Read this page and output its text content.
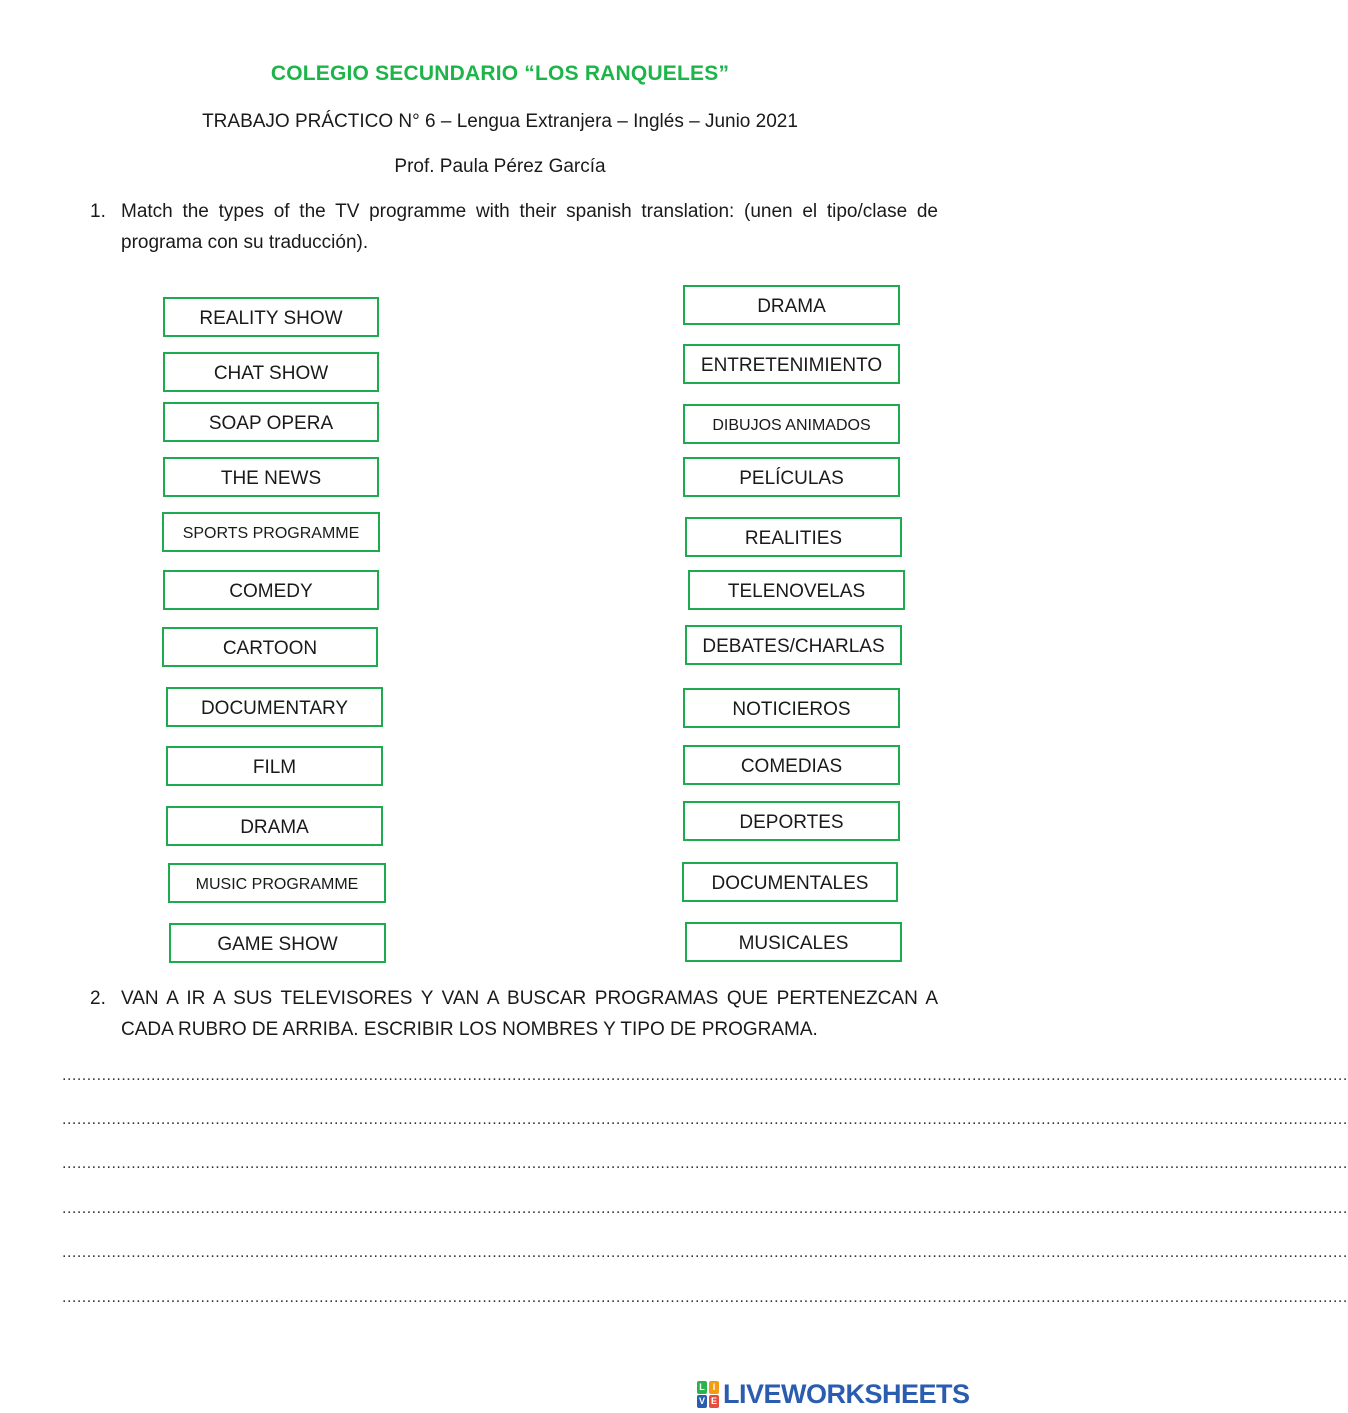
COLEGIO SECUNDARIO “LOS RANQUELES”
TRABAJO PRÁCTICO N° 6 – Lengua Extranjera – Inglés – Junio 2021
Prof. Paula Pérez García
1. Match the types of the TV programme with their spanish translation: (unen el tipo/clase de programa con su traducción).
REALITY SHOW
CHAT SHOW
SOAP OPERA
THE NEWS
SPORTS PROGRAMME
COMEDY
CARTOON
DOCUMENTARY
FILM
DRAMA
MUSIC PROGRAMME
GAME SHOW
DRAMA
ENTRETENIMIENTO
DIBUJOS ANIMADOS
PELÍCULAS
REALITIES
TELENOVELAS
DEBATES/CHARLAS
NOTICIEROS
COMEDIAS
DEPORTES
DOCUMENTALES
MUSICALES
2. VAN A IR A SUS TELEVISORES Y VAN A BUSCAR PROGRAMAS QUE PERTENEZCAN A CADA RUBRO DE ARRIBA. ESCRIBIR LOS NOMBRES Y TIPO DE PROGRAMA.
....................................................................................................................................................................................................................................................................
....................................................................................................................................................................................................................................................................
....................................................................................................................................................................................................................................................................
....................................................................................................................................................................................................................................................................
....................................................................................................................................................................................................................................................................
....................................................................................................................................................................................................................................................................
L I
V E LIVEWORKSHEETS
